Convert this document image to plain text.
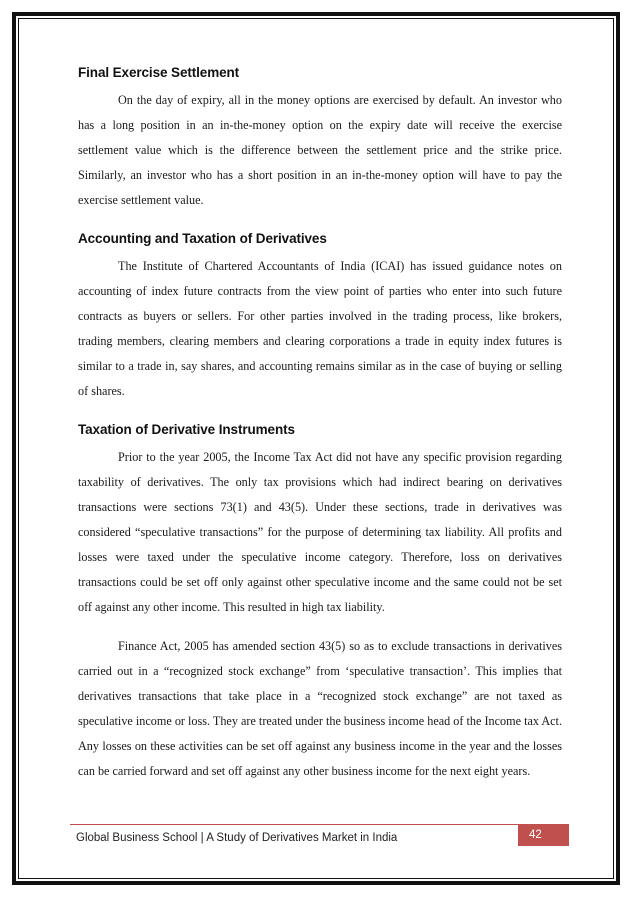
Final Exercise Settlement

On the day of expiry, all in the money options are exercised by default. An investor who has a long position in an in-the-money option on the expiry date will receive the exercise settlement value which is the difference between the settlement price and the strike price. Similarly, an investor who has a short position in an in-the-money option will have to pay the exercise settlement value.

Accounting and Taxation of Derivatives

The Institute of Chartered Accountants of India (ICAI) has issued guidance notes on accounting of index future contracts from the view point of parties who enter into such future contracts as buyers or sellers. For other parties involved in the trading process, like brokers, trading members, clearing members and clearing corporations a trade in equity index futures is similar to a trade in, say shares, and accounting remains similar as in the case of buying or selling of shares.

Taxation of Derivative Instruments

Prior to the year 2005, the Income Tax Act did not have any specific provision regarding taxability of derivatives. The only tax provisions which had indirect bearing on derivatives transactions were sections 73(1) and 43(5). Under these sections, trade in derivatives was considered “speculative transactions” for the purpose of determining tax liability. All profits and losses were taxed under the speculative income category. Therefore, loss on derivatives transactions could be set off only against other speculative income and the same could not be set off against any other income. This resulted in high tax liability.

Finance Act, 2005 has amended section 43(5) so as to exclude transactions in derivatives carried out in a “recognized stock exchange” from ‘speculative transaction’. This implies that derivatives transactions that take place in a “recognized stock exchange” are not taxed as speculative income or loss. They are treated under the business income head of the Income tax Act. Any losses on these activities can be set off against any business income in the year and the losses can be carried forward and set off against any other business income for the next eight years.

Global Business School | A Study of Derivatives Market in India	42
